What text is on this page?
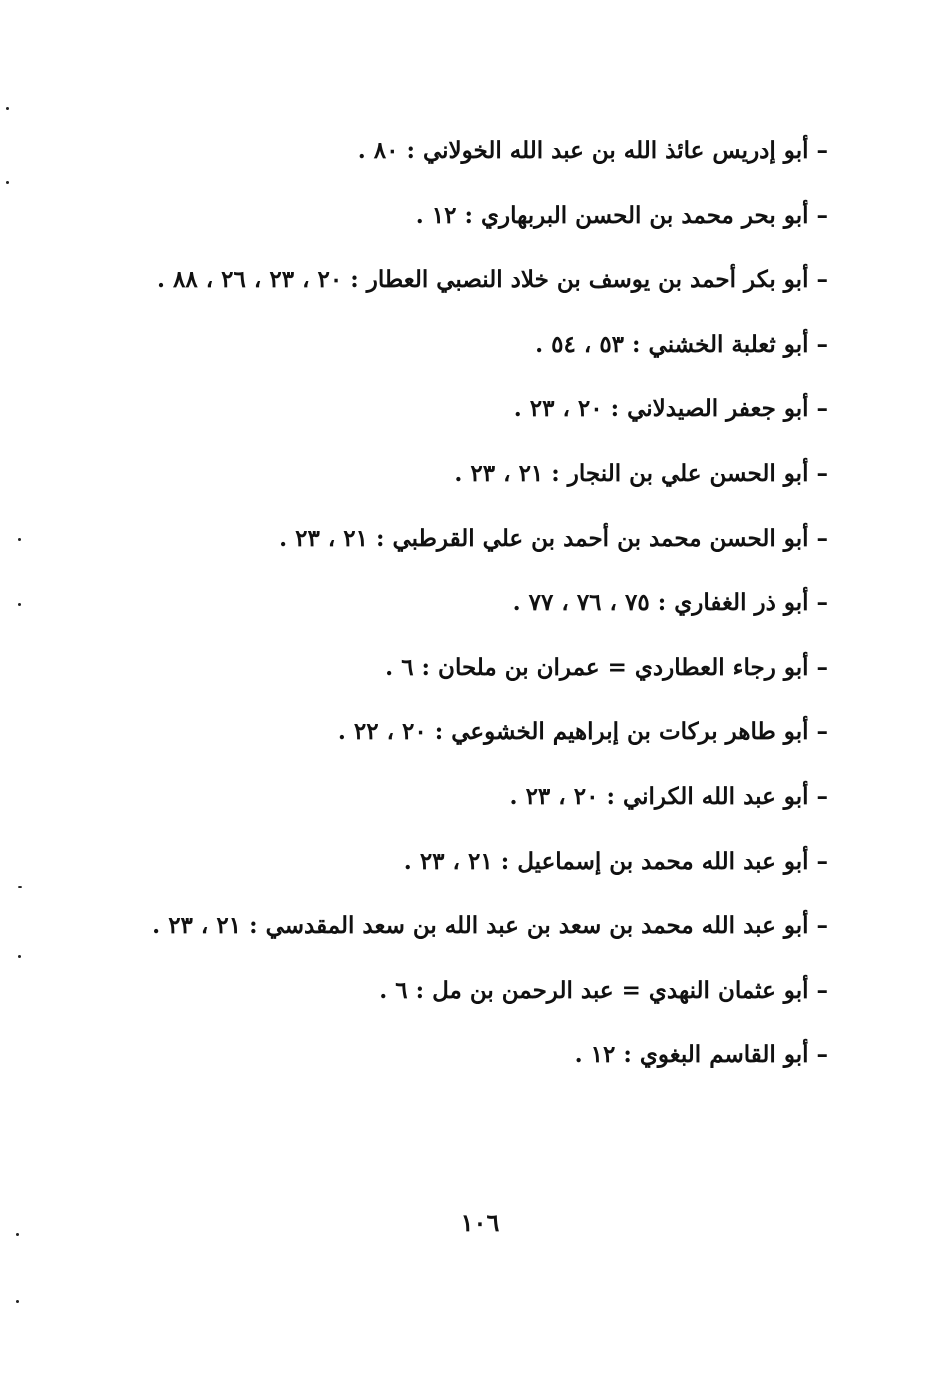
– أبو إدريس عائذ الله بن عبد الله الخولاني : ٨٠ .
– أبو بحر محمد بن الحسن البربهاري : ١٢ .
– أبو بكر أحمد بن يوسف بن خلاد النصبي العطار : ٢٠ ، ٢٣ ، ٢٦ ، ٨٨ .
– أبو ثعلبة الخشني : ٥٣ ، ٥٤ .
– أبو جعفر الصيدلاني : ٢٠ ، ٢٣ .
– أبو الحسن علي بن النجار : ٢١ ، ٢٣ .
– أبو الحسن محمد بن أحمد بن علي القرطبي : ٢١ ، ٢٣ .
– أبو ذر الغفاري : ٧٥ ، ٧٦ ، ٧٧ .
– أبو رجاء العطاردي = عمران بن ملحان : ٦ .
– أبو طاهر بركات بن إبراهيم الخشوعي : ٢٠ ، ٢٢ .
– أبو عبد الله الكراني : ٢٠ ، ٢٣ .
– أبو عبد الله محمد بن إسماعيل : ٢١ ، ٢٣ .
– أبو عبد الله محمد بن سعد بن عبد الله بن سعد المقدسي : ٢١ ، ٢٣ .
– أبو عثمان النهدي = عبد الرحمن بن مل : ٦ .
– أبو القاسم البغوي : ١٢ .
١٠٦
